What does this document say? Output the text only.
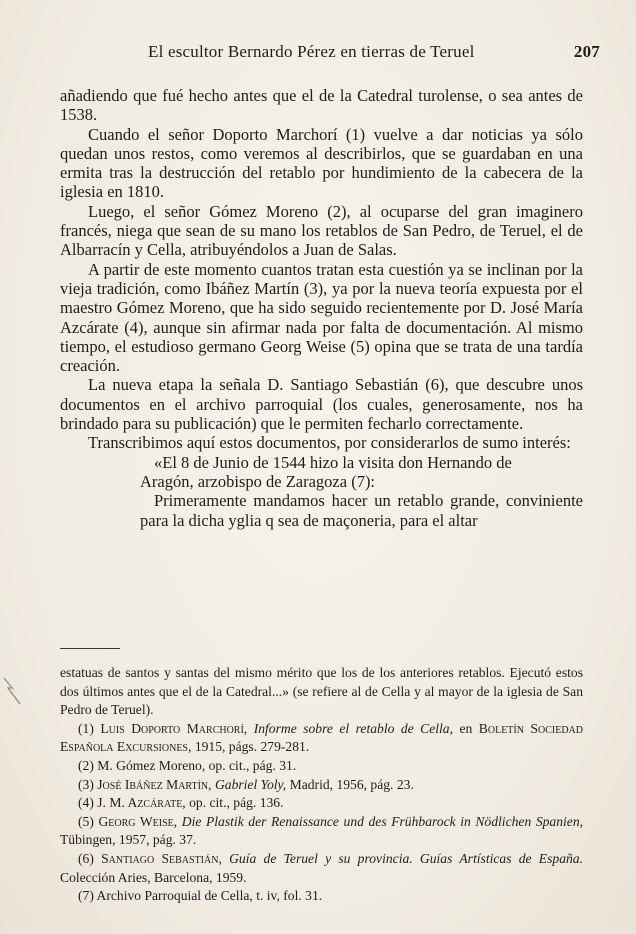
El escultor Bernardo Pérez en tierras de Teruel	207

añadiendo que fué hecho antes que el de la Catedral turolense, o sea antes de 1538.

Cuando el señor Doporto Marchorí (1) vuelve a dar noticias ya sólo quedan unos restos, como veremos al describirlos, que se guardaban en una ermita tras la destrucción del retablo por hundimiento de la cabecera de la iglesia en 1810.

Luego, el señor Gómez Moreno (2), al ocuparse del gran imaginero francés, niega que sean de su mano los retablos de San Pedro, de Teruel, el de Albarracín y Cella, atribuyéndolos a Juan de Salas.

A partir de este momento cuantos tratan esta cuestión ya se inclinan por la vieja tradición, como Ibáñez Martín (3), ya por la nueva teoría expuesta por el maestro Gómez Moreno, que ha sido seguido recientemente por D. José María Azcárate (4), aunque sin afirmar nada por falta de documentación. Al mismo tiempo, el estudioso germano Georg Weise (5) opina que se trata de una tardía creación.

La nueva etapa la señala D. Santiago Sebastián (6), que descubre unos documentos en el archivo parroquial (los cuales, generosamente, nos ha brindado para su publicación) que le permiten fecharlo correctamente.

Transcribimos aquí estos documentos, por considerarlos de sumo interés:

«El 8 de Junio de 1544 hizo la visita don Hernando de

Aragón, arzobispo de Zaragoza (7):

Primeramente mandamos hacer un retablo grande, conviniente para la dicha yglia q sea de maçoneria, para el altar

estatuas de santos y santas del mismo mérito que los de los anteriores retablos. Ejecutó estos dos últimos antes que el de la Catedral...» (se refiere al de Cella y al mayor de la iglesia de San Pedro de Teruel).

(1) Luis Doporto Marchorí, Informe sobre el retablo de Cella, en Boletín Sociedad Española Excursiones, 1915, págs. 279-281.

(2) M. Gómez Moreno, op. cit., pág. 31.

(3) José Ibáñez Martín, Gabriel Yoly, Madrid, 1956, pág. 23.

(4) J. M. Azcárate, op. cit., pág. 136.

(5) Georg Weise, Die Plastik der Renaissance und des Frühbarock in Nödlichen Spanien, Tübingen, 1957, pág. 37.

(6) Santiago Sebastián, Guía de Teruel y su provincia. Guías Artísticas de España. Colección Aries, Barcelona, 1959.

(7) Archivo Parroquial de Cella, t. iv, fol. 31.
